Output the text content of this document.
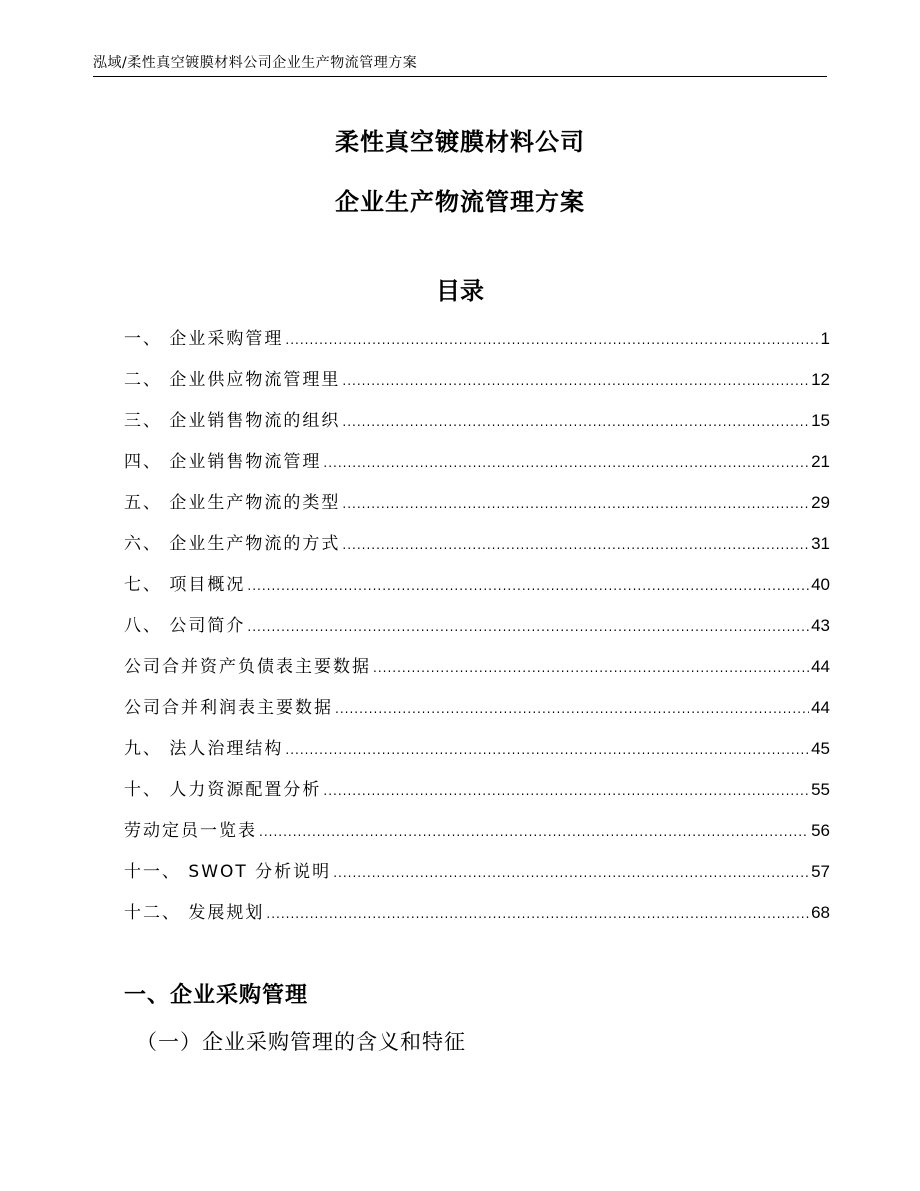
泓域/柔性真空镀膜材料公司企业生产物流管理方案
柔性真空镀膜材料公司
企业生产物流管理方案
目录
一、 企业采购管理 .....	1
二、 企业供应物流管理里 .....	12
三、 企业销售物流的组织 .....	15
四、 企业销售物流管理 .....	21
五、 企业生产物流的类型 .....	29
六、 企业生产物流的方式 .....	31
七、 项目概况 .....	40
八、 公司简介 .....	43
公司合并资产负债表主要数据 .....	44
公司合并利润表主要数据 .....	44
九、 法人治理结构 .....	45
十、 人力资源配置分析 .....	55
劳动定员一览表 .....	56
十一、 SWOT 分析说明 .....	57
十二、 发展规划 .....	68
一、企业采购管理
（一）企业采购管理的含义和特征
